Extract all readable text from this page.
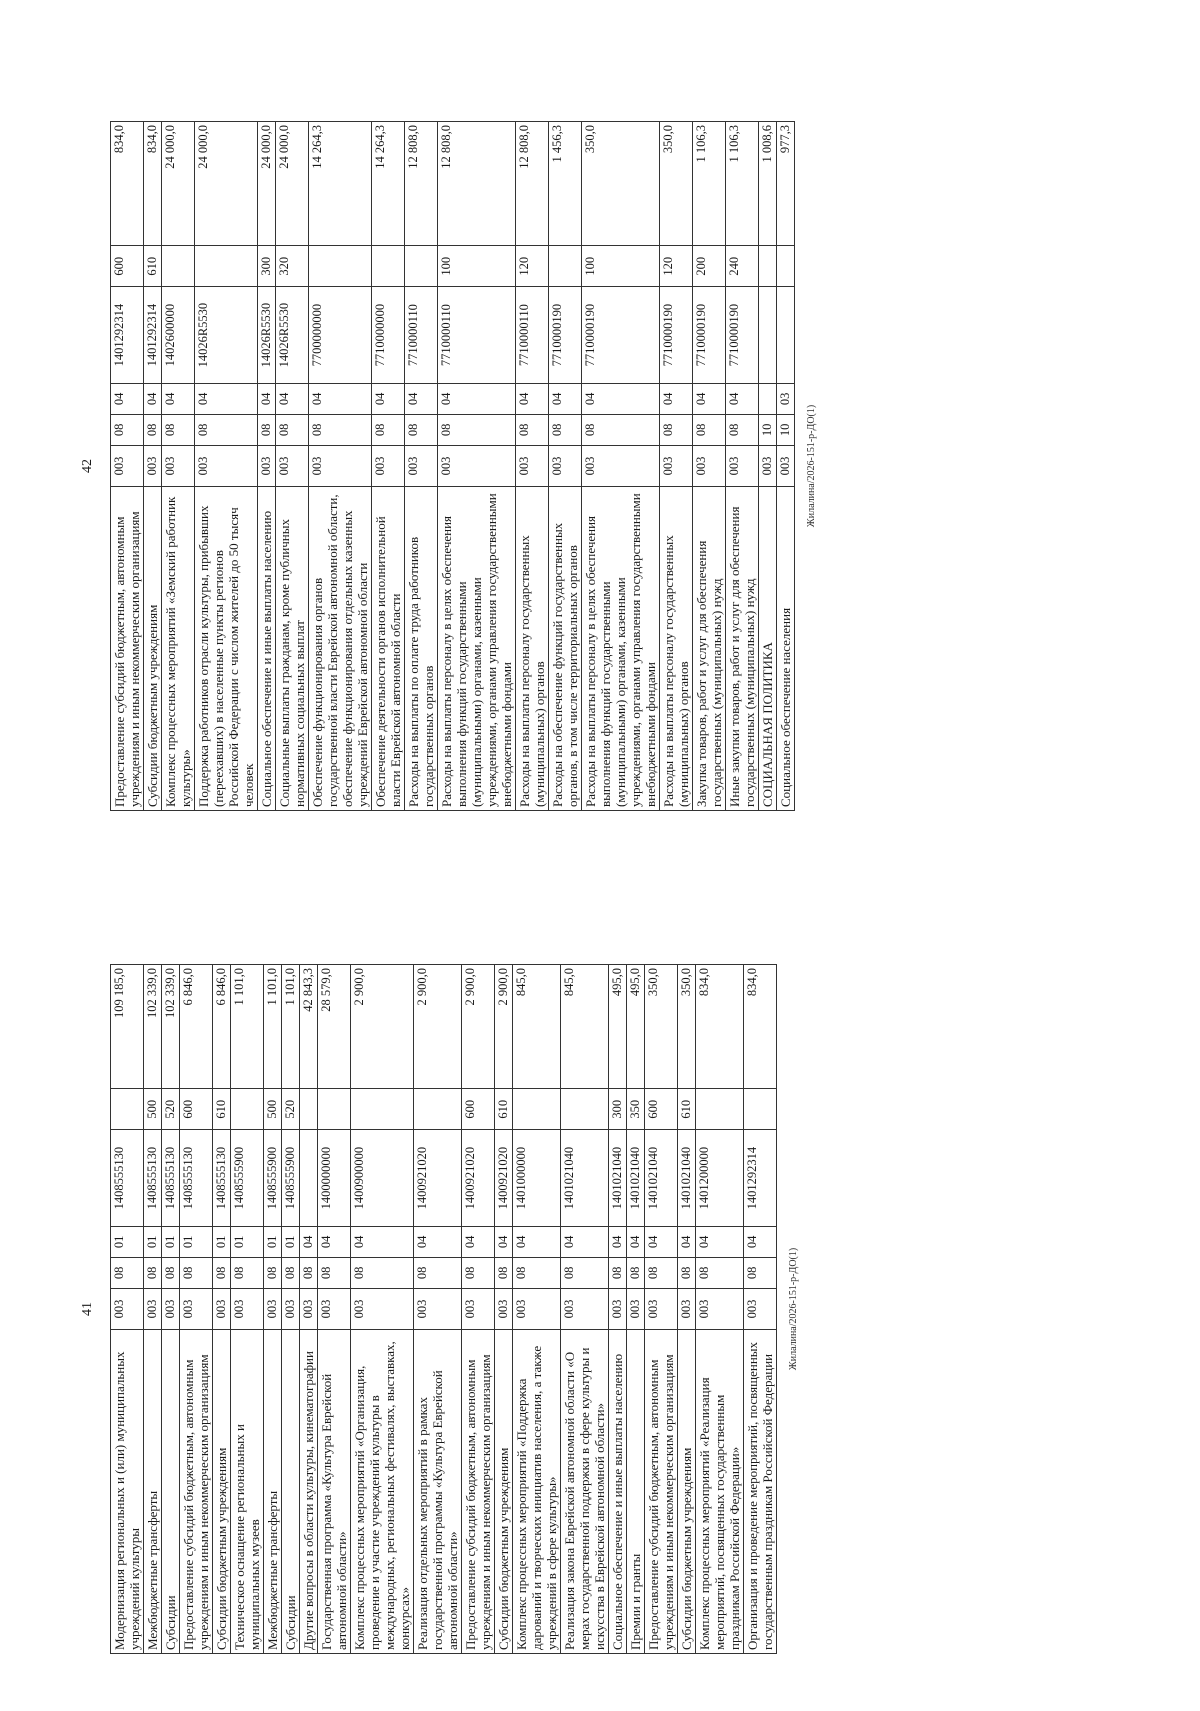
41
Модернизация региональных и (или) муниципальных учреждений культуры	003	08	01	1408555130		109 185,0
Межбюджетные трансферты	003	08	01	1408555130	500	102 339,0
Субсидии	003	08	01	1408555130	520	102 339,0
Предоставление субсидий бюджетным, автономным учреждениям и иным некоммерческим организациям	003	08	01	1408555130	600	6 846,0
Субсидии бюджетным учреждениям	003	08	01	1408555130	610	6 846,0
Техническое оснащение региональных и муниципальных музеев	003	08	01	1408555900		1 101,0
Межбюджетные трансферты	003	08	01	1408555900	500	1 101,0
Субсидии	003	08	01	1408555900	520	1 101,0
Другие вопросы в области культуры, кинематографии	003	08	04			42 843,3
Государственная программа «Культура Еврейской автономной области»	003	08	04	1400000000		28 579,0
Комплекс процессных мероприятий «Организация, проведение и участие учреждений культуры в международных, региональных фестивалях, выставках, конкурсах»	003	08	04	1400900000		2 900,0
Реализация отдельных мероприятий в рамках государственной программы «Культура Еврейской автономной области»	003	08	04	1400921020		2 900,0
Предоставление субсидий бюджетным, автономным учреждениям и иным некоммерческим организациям	003	08	04	1400921020	600	2 900,0
Субсидии бюджетным учреждениям	003	08	04	1400921020	610	2 900,0
Комплекс процессных мероприятий «Поддержка дарований и творческих инициатив населения, а также учреждений в сфере культуры»	003	08	04	1401000000		845,0
Реализация закона Еврейской автономной области «О мерах государственной поддержки в сфере культуры и искусства в Еврейской автономной области»	003	08	04	1401021040		845,0
Социальное обеспечение и иные выплаты населению	003	08	04	1401021040	300	495,0
Премии и гранты	003	08	04	1401021040	350	495,0
Предоставление субсидий бюджетным, автономным учреждениям и иным некоммерческим организациям	003	08	04	1401021040	600	350,0
Субсидии бюджетным учреждениям	003	08	04	1401021040	610	350,0
Комплекс процессных мероприятий «Реализация мероприятий, посвященных государственным праздникам Российской Федерации»	003	08	04	1401200000		834,0
Организация и проведение мероприятий, посвященных государственным праздникам Российской Федерации	003	08	04	1401292314		834,0
Жилалина/2026-151-р-ДО(1)
42
Предоставление субсидий бюджетным, автономным учреждениям и иным некоммерческим организациям	003	08	04	1401292314	600	834,0
Субсидии бюджетным учреждениям	003	08	04	1401292314	610	834,0
Комплекс процессных мероприятий «Земский работник культуры»	003	08	04	1402600000		24 000,0
Поддержка работников отрасли культуры, прибывших (переехавших) в населенные пункты регионов Российской Федерации с числом жителей до 50 тысяч человек	003	08	04	14026R5530		24 000,0
Социальное обеспечение и иные выплаты населению	003	08	04	14026R5530	300	24 000,0
Социальные выплаты гражданам, кроме публичных нормативных социальных выплат	003	08	04	14026R5530	320	24 000,0
Обеспечение функционирования органов государственной власти Еврейской автономной области, обеспечение функционирования отдельных казенных учреждений Еврейской автономной области	003	08	04	7700000000		14 264,3
Обеспечение деятельности органов исполнительной власти Еврейской автономной области	003	08	04	7710000000		14 264,3
Расходы на выплаты по оплате труда работников государственных органов	003	08	04	7710000110		12 808,0
Расходы на выплаты персоналу в целях обеспечения выполнения функций государственными (муниципальными) органами, казенными учреждениями, органами управления государственными внебюджетными фондами	003	08	04	7710000110	100	12 808,0
Расходы на выплаты персоналу государственных (муниципальных) органов	003	08	04	7710000110	120	12 808,0
Расходы на обеспечение функций государственных органов, в том числе территориальных органов	003	08	04	7710000190		1 456,3
Расходы на выплаты персоналу в целях обеспечения выполнения функций государственными (муниципальными) органами, казенными учреждениями, органами управления государственными внебюджетными фондами	003	08	04	7710000190	100	350,0
Расходы на выплаты персоналу государственных (муниципальных) органов	003	08	04	7710000190	120	350,0
Закупка товаров, работ и услуг для обеспечения государственных (муниципальных) нужд	003	08	04	7710000190	200	1 106,3
Иные закупки товаров, работ и услуг для обеспечения государственных (муниципальных) нужд	003	08	04	7710000190	240	1 106,3
СОЦИАЛЬНАЯ ПОЛИТИКА	003	10				1 008,6
Социальное обеспечение населения	003	10	03			977,3
Жилалина/2026-151-р-ДО(1)
